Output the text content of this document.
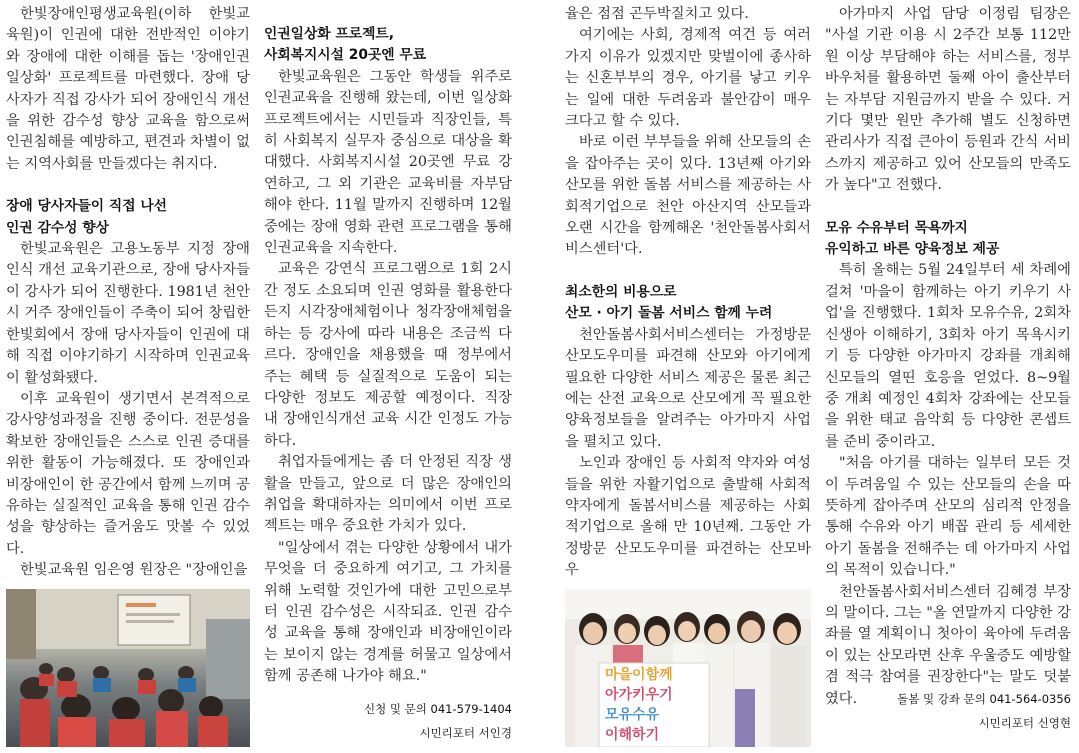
한빛장애인평생교육원(이하 한빛교육원)이 인권에 대한 전반적인 이야기와 장애에 대한 이해를 돕는 '장애인권 일상화' 프로젝트를 마련했다. 장애 당사자가 직접 강사가 되어 장애인식 개선을 위한 감수성 향상 교육을 함으로써 인권침해를 예방하고, 편견과 차별이 없는 지역사회를 만들겠다는 취지다.

장애 당사자들이 직접 나선

인권 감수성 향상

한빛교육원은 고용노동부 지정 장애인식 개선 교육기관으로, 장애 당사자들이 강사가 되어 진행한다. 1981년 천안시 거주 장애인들이 주축이 되어 창립한 한빛회에서 장애 당사자들이 인권에 대해 직접 이야기하기 시작하며 인권교육이 활성화됐다.

이후 교육원이 생기면서 본격적으로 강사양성과정을 진행 중이다. 전문성을 확보한 장애인들은 스스로 인권 증대를 위한 활동이 가능해졌다. 또 장애인과 비장애인이 한 공간에서 함께 느끼며 공유하는 실질적인 교육을 통해 인권 감수성을 향상하는 즐거움도 맛볼 수 있었다.

한빛교육원 임은영 원장은 "장애인을

인권일상화 프로젝트,

사회복지시설 20곳엔 무료

한빛교육원은 그동안 학생들 위주로 인권교육을 진행해 왔는데, 이번 일상화 프로젝트에서는 시민들과 직장인들, 특히 사회복지 실무자 중심으로 대상을 확대했다. 사회복지시설 20곳엔 무료 강연하고, 그 외 기관은 교육비를 자부담해야 한다. 11월 말까지 진행하며 12월 중에는 장애 영화 관련 프로그램을 통해 인권교육을 지속한다.

교육은 강연식 프로그램으로 1회 2시간 정도 소요되며 인권 영화를 활용한다든지 시각장애체험이나 청각장애체험을 하는 등 강사에 따라 내용은 조금씩 다르다. 장애인을 채용했을 때 정부에서 주는 혜택 등 실질적으로 도움이 되는 다양한 정보도 제공할 예정이다. 직장 내 장애인식개선 교육 시간 인정도 가능하다.

취업자들에게는 좀 더 안정된 직장 생활을 만들고, 앞으로 더 많은 장애인의 취업을 확대하자는 의미에서 이번 프로젝트는 매우 중요한 가치가 있다.

"일상에서 겪는 다양한 상황에서 내가 무엇을 더 중요하게 여기고, 그 가치를 위해 노력할 것인가에 대한 고민으로부터 인권 감수성은 시작되죠. 인권 감수성 교육을 통해 장애인과 비장애인이라는 보이지 않는 경계를 허물고 일상에서 함께 공존해 나가야 해요."

신청 및 문의 041-579-1404
시민리포터 서인경

율은 점점 곤두박질치고 있다.

여기에는 사회, 경제적 여건 등 여러 가지 이유가 있겠지만 맞벌이에 종사하는 신혼부부의 경우, 아기를 낳고 키우는 일에 대한 두려움과 불안감이 매우 크다고 할 수 있다.

바로 이런 부부들을 위해 산모들의 손을 잡아주는 곳이 있다. 13년째 아기와 산모를 위한 돌봄 서비스를 제공하는 사회적기업으로 천안 아산지역 산모들과 오랜 시간을 함께해온 '천안돌봄사회서비스센터'다.

최소한의 비용으로

산모 · 아기 돌봄 서비스 함께 누려

천안돌봄사회서비스센터는 가정방문 산모도우미를 파견해 산모와 아기에게 필요한 다양한 서비스 제공은 물론 최근에는 산전 교육으로 산모에게 꼭 필요한 양육정보들을 알려주는 아가마지 사업을 펼치고 있다.

노인과 장애인 등 사회적 약자와 여성들을 위한 자활기업으로 출발해 사회적 약자에게 돌봄서비스를 제공하는 사회적기업으로 올해 만 10년째. 그동안 가정방문 산모도우미를 파견하는 산모바우

마을이함께
아가키우기
모유수유
이해하기

아가마지 사업 담당 이정림 팀장은 "사설 기관 이용 시 2주간 보통 112만원 이상 부담해야 하는 서비스를, 정부 바우처를 활용하면 둘째 아이 출산부터는 자부담 지원금까지 받을 수 있다. 거기다 몇만 원만 추가해 별도 신청하면 관리사가 직접 큰아이 등원과 간식 서비스까지 제공하고 있어 산모들의 만족도가 높다"고 전했다.

모유 수유부터 목욕까지

유익하고 바른 양육정보 제공

특히 올해는 5월 24일부터 세 차례에 걸쳐 '마을이 함께하는 아기 키우기 사업'을 진행했다. 1회차 모유수유, 2회차 신생아 이해하기, 3회차 아기 목욕시키기 등 다양한 아가마지 강좌를 개최해 신모들의 열띤 호응을 얻었다. 8~9월 중 개최 예정인 4회차 강좌에는 산모들을 위한 태교 음악회 등 다양한 콘셉트를 준비 중이라고.

"처음 아기를 대하는 일부터 모든 것이 두려움일 수 있는 산모들의 손을 따뜻하게 잡아주며 산모의 심리적 안정을 통해 수유와 아기 배꼽 관리 등 세세한 아기 돌봄을 전해주는 데 아가마지 사업의 목적이 있습니다."

천안돌봄사회서비스센터 김혜경 부장의 말이다. 그는 "올 연말까지 다양한 강좌를 열 계획이니 첫아이 육아에 두려움이 있는 산모라면 산후 우울증도 예방할 겸 적극 참여를 권장한다"는 말도 덧붙였다.	돌봄 및 강좌 문의 041-564-0356
시민리포터 신영현
